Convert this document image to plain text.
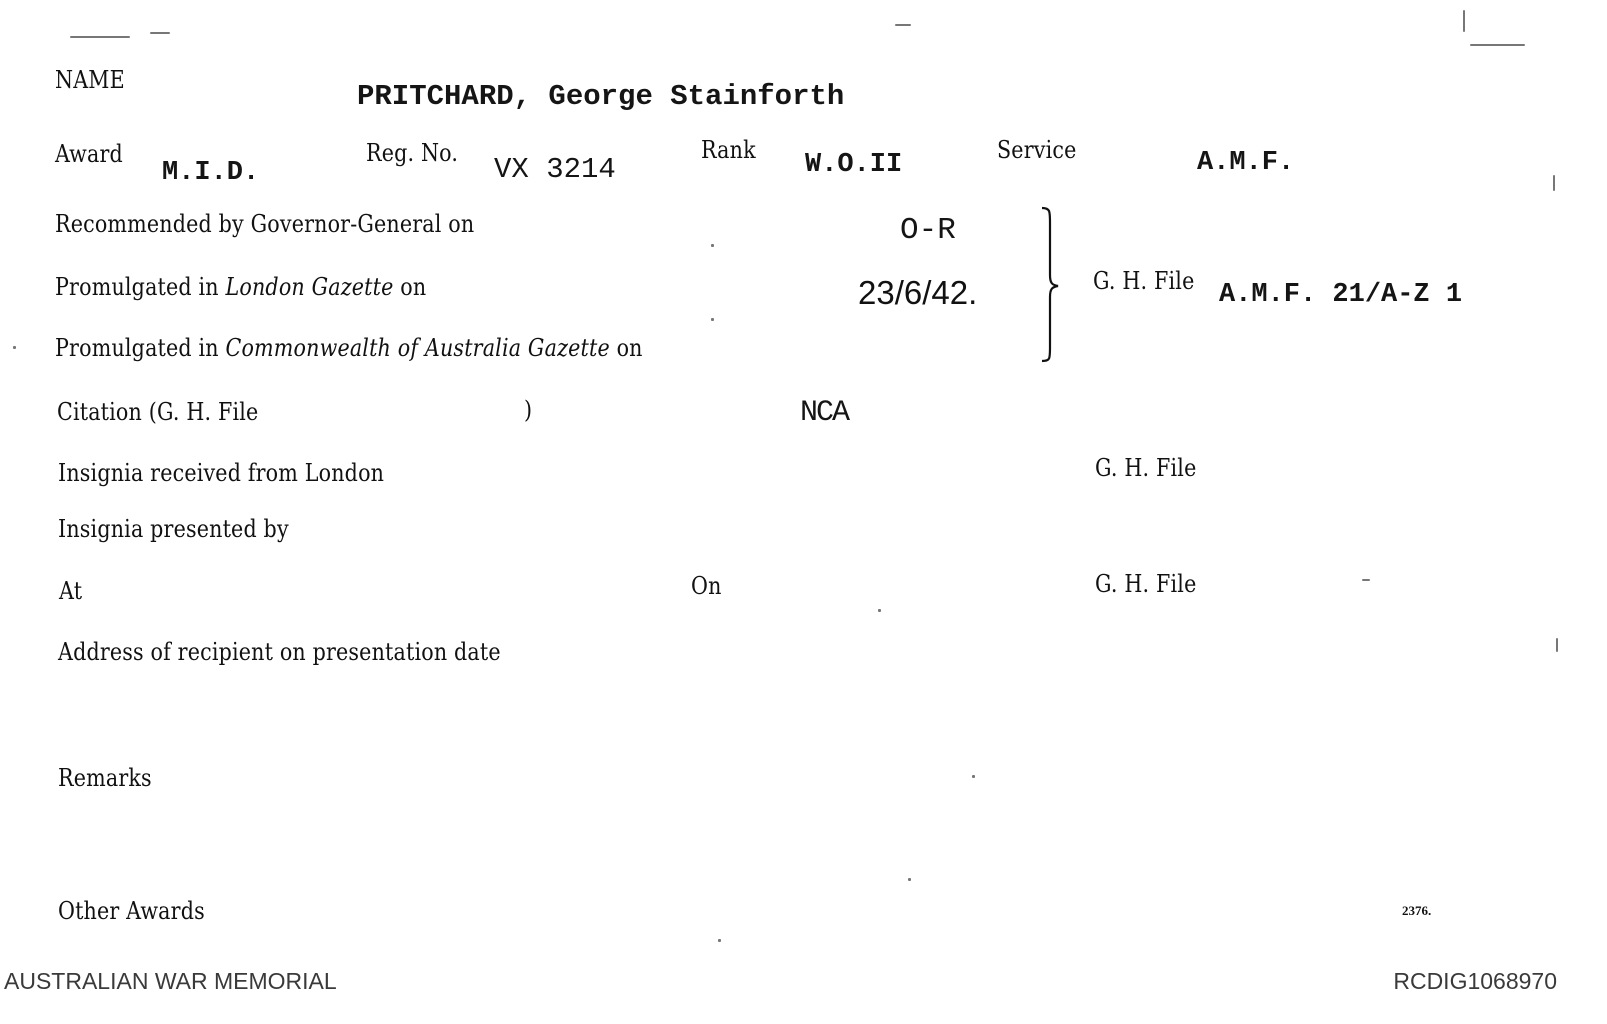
NAME	PRITCHARD, George Stainforth
Award
M.I.D.
Reg. No. VX 3214
Rank W.O.II	Service	A.M.F.
Recommended by Governor-General on	O-R
Promulgated in London Gazette on	23/6/42.
Promulgated in Commonwealth of Australia Gazette on
G. H. File A.M.F. 21/A-Z 1
Citation (G. H. File	)	NCA
Insignia received from London	G. H. File
Insignia presented by
At	On	G. H. File
Address of recipient on presentation date
Remarks
Other Awards	2376.
AUSTRALIAN WAR MEMORIAL	RCDIG1068970
